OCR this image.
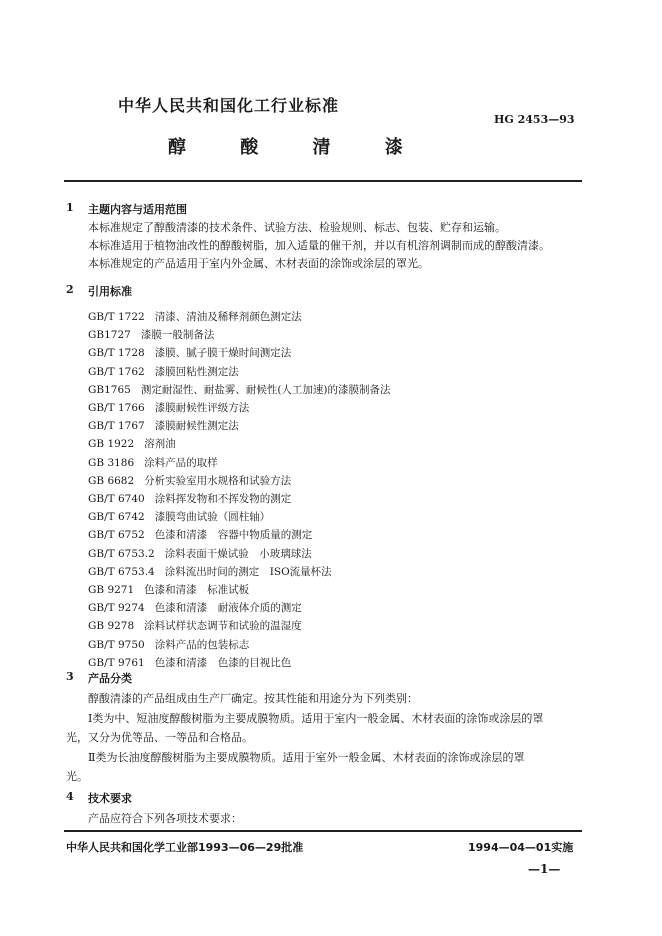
中华人民共和国化工行业标准
HG 2453—93
醇 酸 清 漆
1 主题内容与适用范围
本标准规定了醇酸清漆的技术条件、试验方法、检验规则、标志、包装、贮存和运输。
本标准适用于植物油改性的醇酸树脂，加入适量的催干剂，并以有机溶剂调制而成的醇酸清漆。
本标准规定的产品适用于室内外金属、木材表面的涂饰或涂层的罩光。
2 引用标准
GB/T 1722 清漆、清油及稀释剂颜色测定法
GB1727 漆膜一般制备法
GB/T 1728 漆膜、腻子膜干燥时间测定法
GB/T 1762 漆膜回粘性测定法
GB1765 测定耐湿性、耐盐雾、耐候性(人工加速)的漆膜制备法
GB/T 1766 漆膜耐候性评级方法
GB/T 1767 漆膜耐候性测定法
GB 1922 溶剂油
GB 3186 涂料产品的取样
GB 6682 分析实验室用水规格和试验方法
GB/T 6740 涂料挥发物和不挥发物的测定
GB/T 6742 漆膜弯曲试验（圆柱轴）
GB/T 6752 色漆和清漆　容器中物质量的测定
GB/T 6753.2 涂料表面干燥试验　小玻璃球法
GB/T 6753.4 涂料流出时间的测定　ISO流量杯法
GB 9271 色漆和清漆　标准试板
GB/T 9274 色漆和清漆　耐液体介质的测定
GB 9278 涂料试样状态调节和试验的温湿度
GB/T 9750 涂料产品的包装标志
GB/T 9761 色漆和清漆　色漆的目视比色
3 产品分类
醇酸清漆的产品组成由生产厂确定。按其性能和用途分为下列类别：
Ⅰ类为中、短油度醇酸树脂为主要成膜物质。适用于室内一般金属、木材表面的涂饰或涂层的罩
光，又分为优等品、一等品和合格品。
Ⅱ类为长油度醇酸树脂为主要成膜物质。适用于室外一般金属、木材表面的涂饰或涂层的罩
光。
4 技术要求
产品应符合下列各项技术要求：
中华人民共和国化学工业部1993—06—29批准	1994—04—01实施
—1—
